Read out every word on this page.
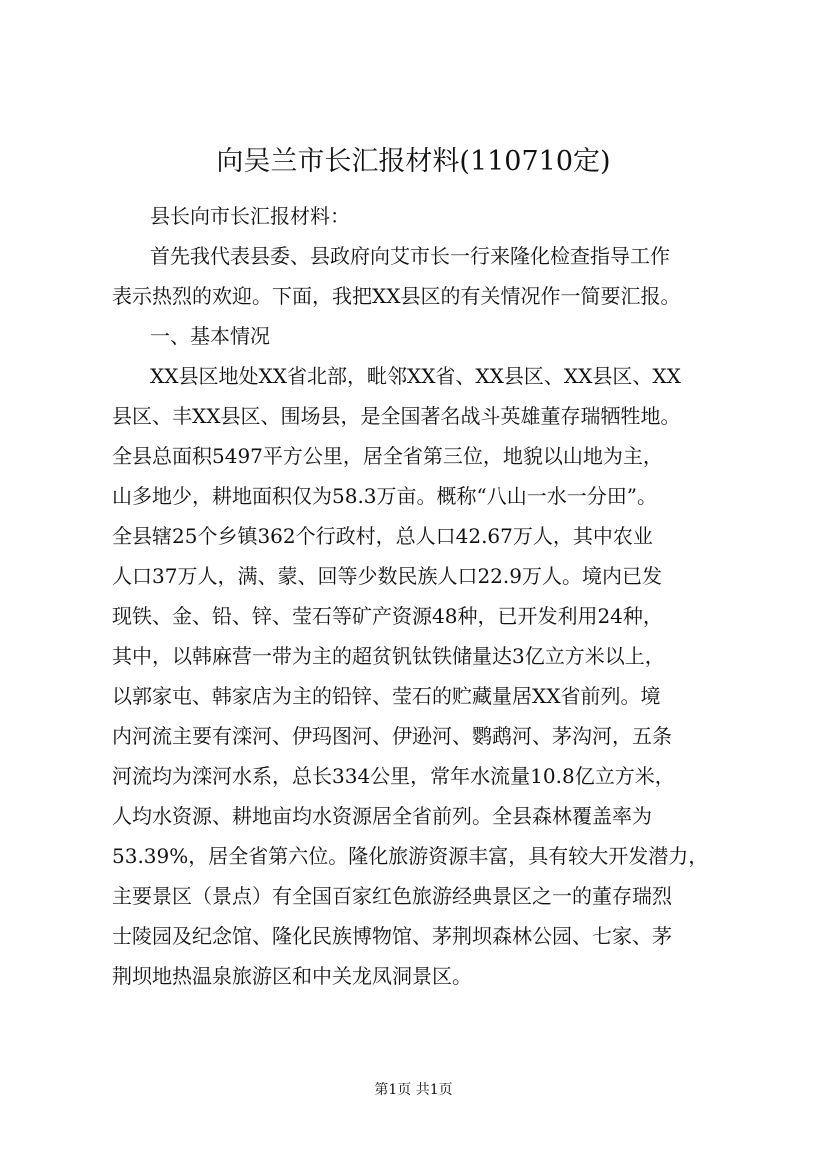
向吴兰市长汇报材料(110710定)

县长向市长汇报材料：

首先我代表县委、县政府向艾市长一行来隆化检查指导工作

表示热烈的欢迎。下面，我把XX县区的有关情况作一简要汇报。

一、基本情况

XX县区地处XX省北部，毗邻XX省、XX县区、XX县区、XX

县区、丰XX县区、围场县，是全国著名战斗英雄董存瑞牺牲地。

全县总面积5497平方公里，居全省第三位，地貌以山地为主，

山多地少，耕地面积仅为58.3万亩。概称“八山一水一分田”。

全县辖25个乡镇362个行政村，总人口42.67万人，其中农业

人口37万人，满、蒙、回等少数民族人口22.9万人。境内已发

现铁、金、铅、锌、莹石等矿产资源48种，已开发利用24种，

其中，以韩麻营一带为主的超贫钒钛铁储量达3亿立方米以上，

以郭家屯、韩家店为主的铅锌、莹石的贮藏量居XX省前列。境

内河流主要有滦河、伊玛图河、伊逊河、鹦鹉河、茅沟河，五条

河流均为滦河水系，总长334公里，常年水流量10.8亿立方米，

人均水资源、耕地亩均水资源居全省前列。全县森林覆盖率为

53.39%，居全省第六位。隆化旅游资源丰富，具有较大开发潜力，

主要景区（景点）有全国百家红色旅游经典景区之一的董存瑞烈

士陵园及纪念馆、隆化民族博物馆、茅荆坝森林公园、七家、茅

荆坝地热温泉旅游区和中关龙凤洞景区。

第1页 共1页
